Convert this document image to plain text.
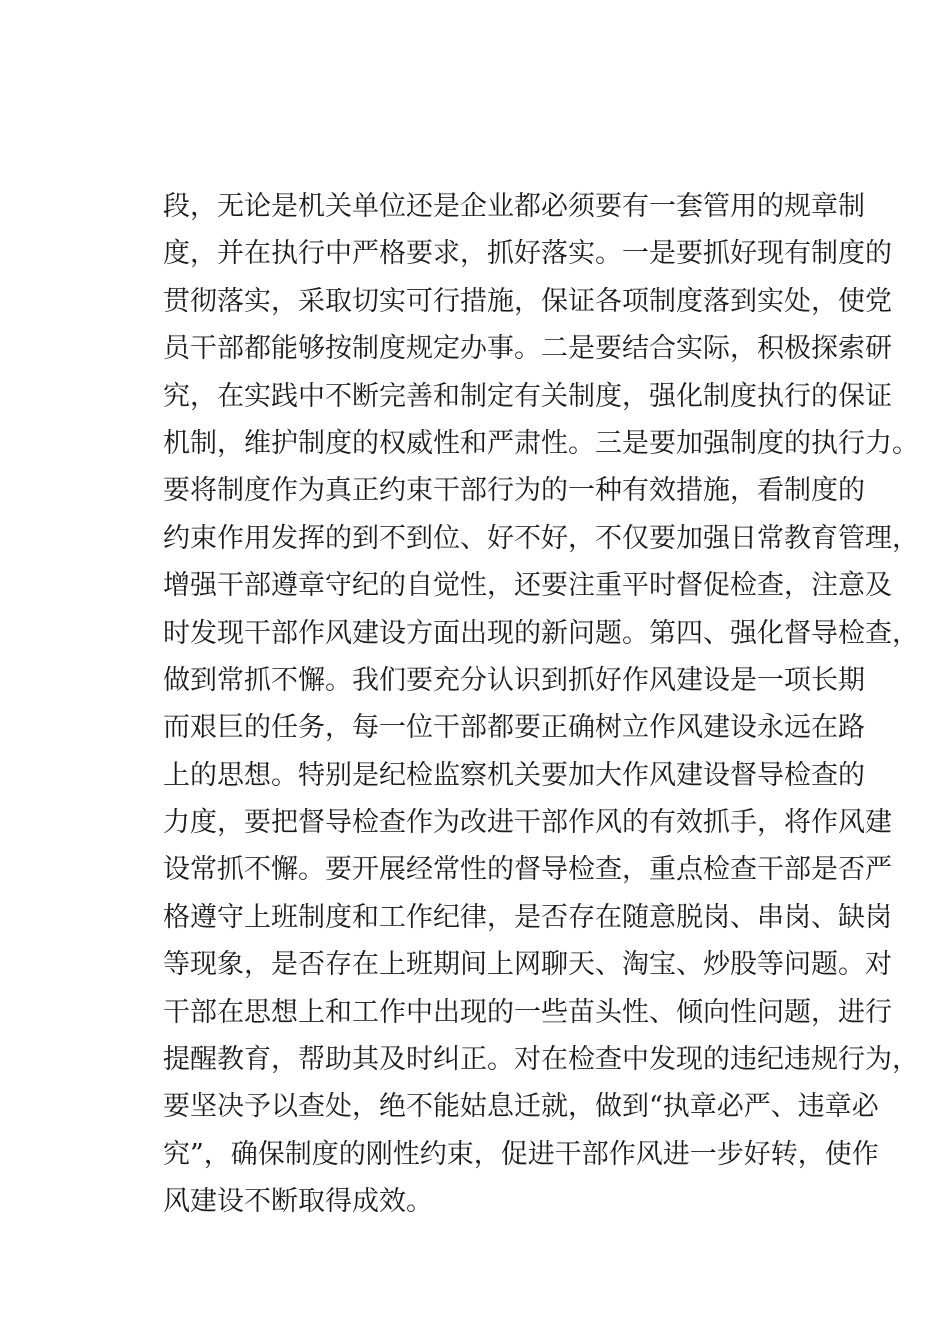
段，无论是机关单位还是企业都必须要有一套管用的规章制
度，并在执行中严格要求，抓好落实。一是要抓好现有制度的
贯彻落实，采取切实可行措施，保证各项制度落到实处，使党
员干部都能够按制度规定办事。二是要结合实际，积极探索研
究，在实践中不断完善和制定有关制度，强化制度执行的保证
机制，维护制度的权威性和严肃性。三是要加强制度的执行力。
要将制度作为真正约束干部行为的一种有效措施，看制度的
约束作用发挥的到不到位、好不好，不仅要加强日常教育管理，
增强干部遵章守纪的自觉性，还要注重平时督促检查，注意及
时发现干部作风建设方面出现的新问题。第四、强化督导检查，
做到常抓不懈。我们要充分认识到抓好作风建设是一项长期
而艰巨的任务，每一位干部都要正确树立作风建设永远在路
上的思想。特别是纪检监察机关要加大作风建设督导检查的
力度，要把督导检查作为改进干部作风的有效抓手，将作风建
设常抓不懈。要开展经常性的督导检查，重点检查干部是否严
格遵守上班制度和工作纪律，是否存在随意脱岗、串岗、缺岗
等现象，是否存在上班期间上网聊天、淘宝、炒股等问题。对
干部在思想上和工作中出现的一些苗头性、倾向性问题，进行
提醒教育，帮助其及时纠正。对在检查中发现的违纪违规行为，
要坚决予以查处，绝不能姑息迁就，做到“执章必严、违章必
究”，确保制度的刚性约束，促进干部作风进一步好转，使作
风建设不断取得成效。
